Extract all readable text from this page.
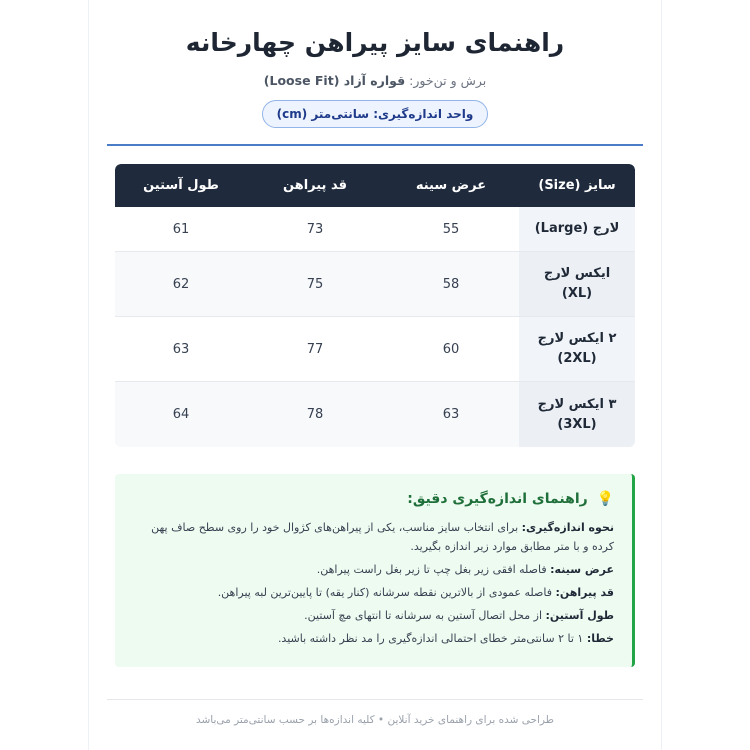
راهنمای سایز پیراهن چهارخانه
برش و تن‌خور: قواره آزاد (Loose Fit)
واحد اندازه‌گیری: سانتی‌متر (cm)
سایز (Size)
عرض سینه
قد پیراهن
طول آستین
لارج (Large)
55
73
61
ایکس لارج (XL)
58
75
62
۲ ایکس لارج (2XL)
60
77
63
۳ ایکس لارج (3XL)
63
78
64
💡 راهنمای اندازه‌گیری دقیق:
نحوه اندازه‌گیری: برای انتخاب سایز مناسب، یکی از پیراهن‌های کژوال خود را روی سطح صاف پهن کرده و با متر مطابق موارد زیر اندازه بگیرید.
عرض سینه: فاصله افقی زیر بغل چپ تا زیر بغل راست پیراهن.
قد پیراهن: فاصله عمودی از بالاترین نقطه سرشانه (کنار یقه) تا پایین‌ترین لبه پیراهن.
طول آستین: از محل اتصال آستین به سرشانه تا انتهای مچ آستین.
خطا: ۱ تا ۲ سانتی‌متر خطای احتمالی اندازه‌گیری را مد نظر داشته باشید.
طراحی شده برای راهنمای خرید آنلاین • کلیه اندازه‌ها بر حسب سانتی‌متر می‌باشد
